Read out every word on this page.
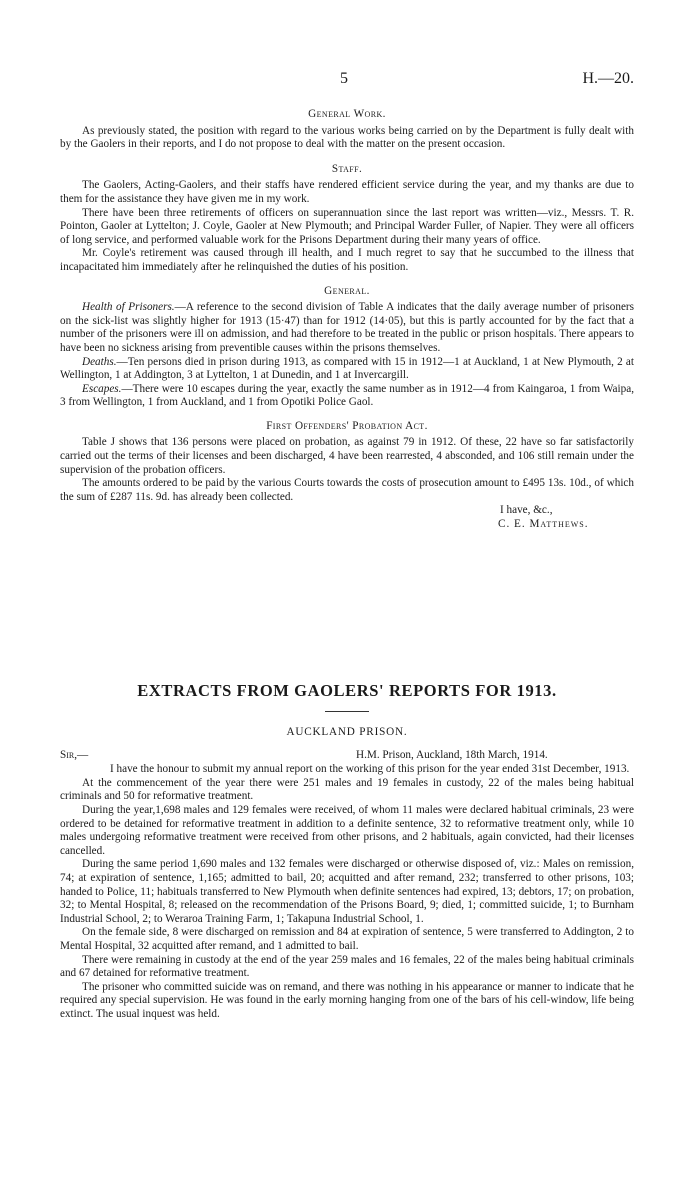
5	H.—20.
General Work.

As previously stated, the position with regard to the various works being carried on by the Department is fully dealt with by the Gaolers in their reports, and I do not propose to deal with the matter on the present occasion.

Staff.

The Gaolers, Acting-Gaolers, and their staffs have rendered efficient service during the year, and my thanks are due to them for the assistance they have given me in my work.

There have been three retirements of officers on superannuation since the last report was written—viz., Messrs. T. R. Pointon, Gaoler at Lyttelton; J. Coyle, Gaoler at New Plymouth; and Principal Warder Fuller, of Napier. They were all officers of long service, and performed valuable work for the Prisons Department during their many years of office.

Mr. Coyle's retirement was caused through ill health, and I much regret to say that he succumbed to the illness that incapacitated him immediately after he relinquished the duties of his position.

General.

Health of Prisoners.—A reference to the second division of Table A indicates that the daily average number of prisoners on the sick-list was slightly higher for 1913 (15·47) than for 1912 (14·05), but this is partly accounted for by the fact that a number of the prisoners were ill on admission, and had therefore to be treated in the public or prison hospitals. There appears to have been no sickness arising from preventible causes within the prisons themselves.

Deaths.—Ten persons died in prison during 1913, as compared with 15 in 1912—1 at Auckland, 1 at New Plymouth, 2 at Wellington, 1 at Addington, 3 at Lyttelton, 1 at Dunedin, and 1 at Invercargill.

Escapes.—There were 10 escapes during the year, exactly the same number as in 1912—4 from Kaingaroa, 1 from Waipa, 3 from Wellington, 1 from Auckland, and 1 from Opotiki Police Gaol.

First Offenders' Probation Act.

Table J shows that 136 persons were placed on probation, as against 79 in 1912. Of these, 22 have so far satisfactorily carried out the terms of their licenses and been discharged, 4 have been rearrested, 4 absconded, and 106 still remain under the supervision of the probation officers.

The amounts ordered to be paid by the various Courts towards the costs of prosecution amount to £495 13s. 10d., of which the sum of £287 11s. 9d. has already been collected.

I have, &c.,
C. E. Matthews.
EXTRACTS FROM GAOLERS' REPORTS FOR 1913.
AUCKLAND PRISON.
Sir,—	H.M. Prison, Auckland, 18th March, 1914.

I have the honour to submit my annual report on the working of this prison for the year ended 31st December, 1913.

At the commencement of the year there were 251 males and 19 females in custody, 22 of the males being habitual criminals and 50 for reformative treatment.

During the year,1,698 males and 129 females were received, of whom 11 males were declared habitual criminals, 23 were ordered to be detained for reformative treatment in addition to a definite sentence, 32 to reformative treatment only, while 10 males undergoing reformative treatment were received from other prisons, and 2 habituals, again convicted, had their licenses cancelled.

During the same period 1,690 males and 132 females were discharged or otherwise disposed of, viz.: Males on remission, 74; at expiration of sentence, 1,165; admitted to bail, 20; acquitted and after remand, 232; transferred to other prisons, 103; handed to Police, 11; habituals transferred to New Plymouth when definite sentences had expired, 13; debtors, 17; on probation, 32; to Mental Hospital, 8; released on the recommendation of the Prisons Board, 9; died, 1; committed suicide, 1; to Burnham Industrial School, 2; to Weraroa Training Farm, 1; Takapuna Industrial School, 1.

On the female side, 8 were discharged on remission and 84 at expiration of sentence, 5 were transferred to Addington, 2 to Mental Hospital, 32 acquitted after remand, and 1 admitted to bail.

There were remaining in custody at the end of the year 259 males and 16 females, 22 of the males being habitual criminals and 67 detained for reformative treatment.

The prisoner who committed suicide was on remand, and there was nothing in his appearance or manner to indicate that he required any special supervision. He was found in the early morning hanging from one of the bars of his cell-window, life being extinct. The usual inquest was held.
